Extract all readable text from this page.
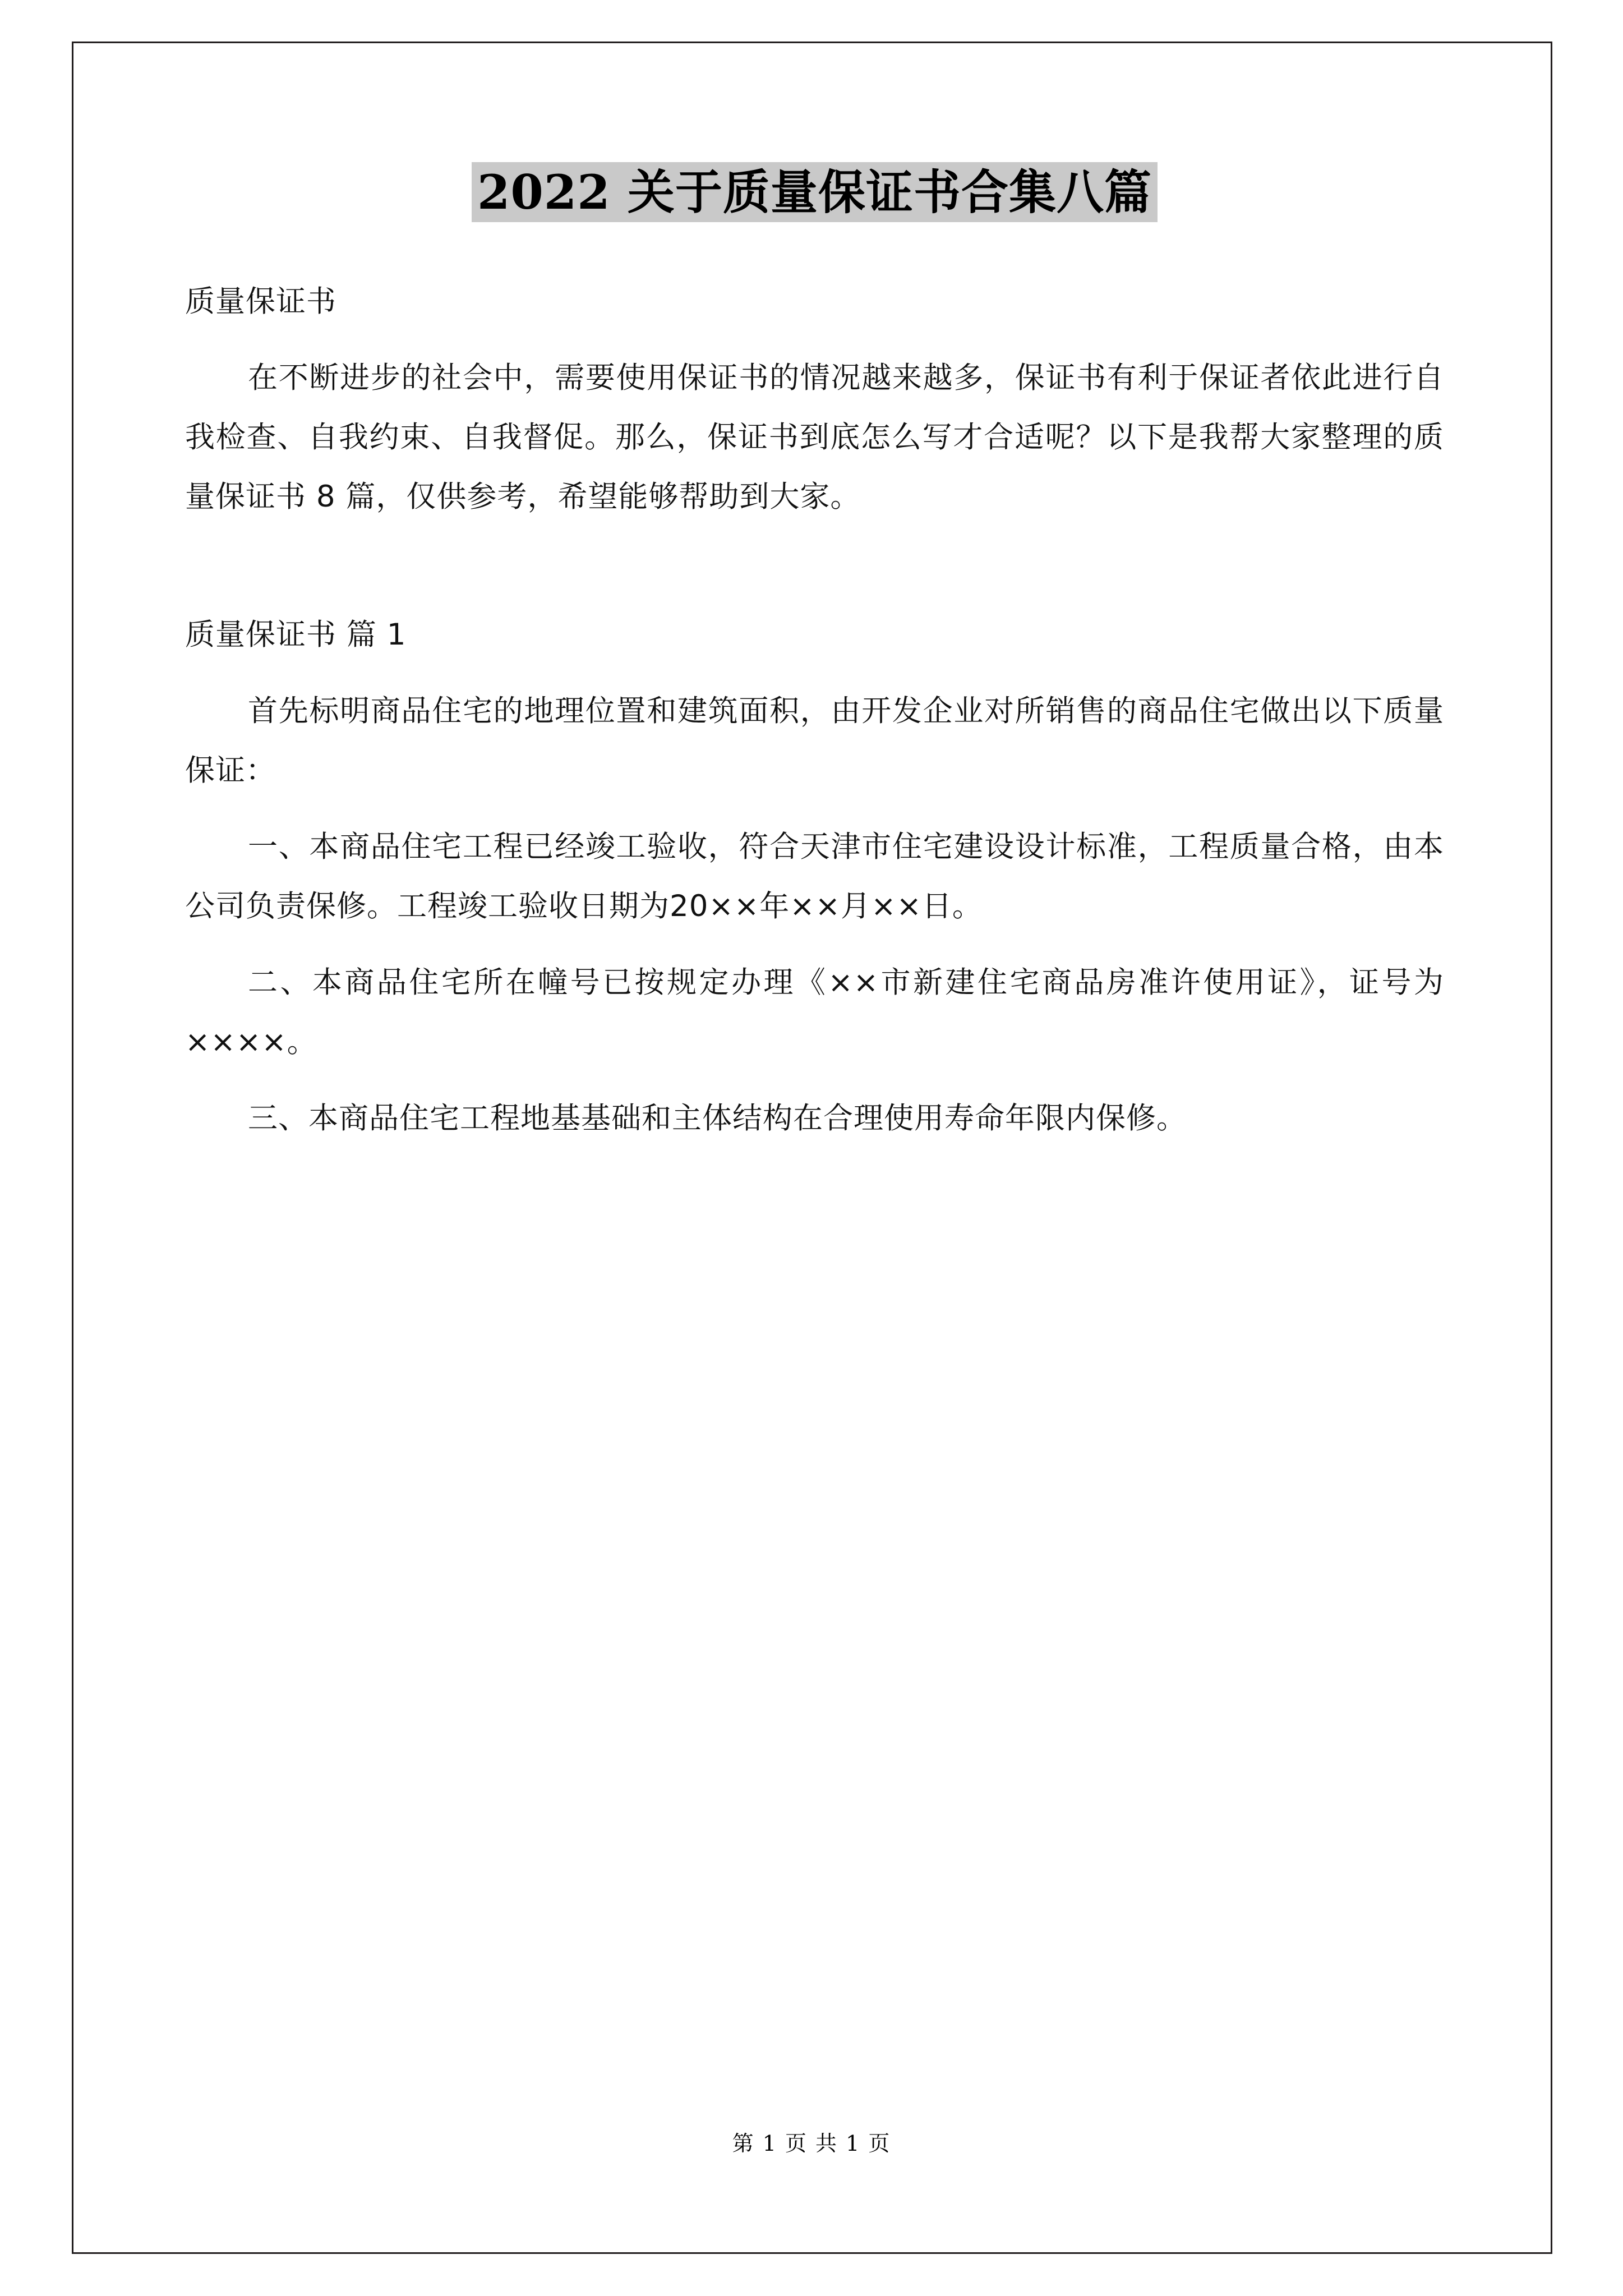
2022 关于质量保证书合集八篇

质量保证书

在不断进步的社会中，需要使用保证书的情况越来越多，保证书有利于保证者依此进行自我检查、自我约束、自我督促。那么，保证书到底怎么写才合适呢？以下是我帮大家整理的质量保证书 8 篇，仅供参考，希望能够帮助到大家。

质量保证书 篇 1

首先标明商品住宅的地理位置和建筑面积，由开发企业对所销售的商品住宅做出以下质量保证：

一、本商品住宅工程已经竣工验收，符合天津市住宅建设设计标准，工程质量合格，由本公司负责保修。工程竣工验收日期为20××年××月××日。

二、本商品住宅所在幢号已按规定办理《××市新建住宅商品房准许使用证》，证号为××××。

三、本商品住宅工程地基基础和主体结构在合理使用寿命年限内保修。

第 1 页 共 1 页
